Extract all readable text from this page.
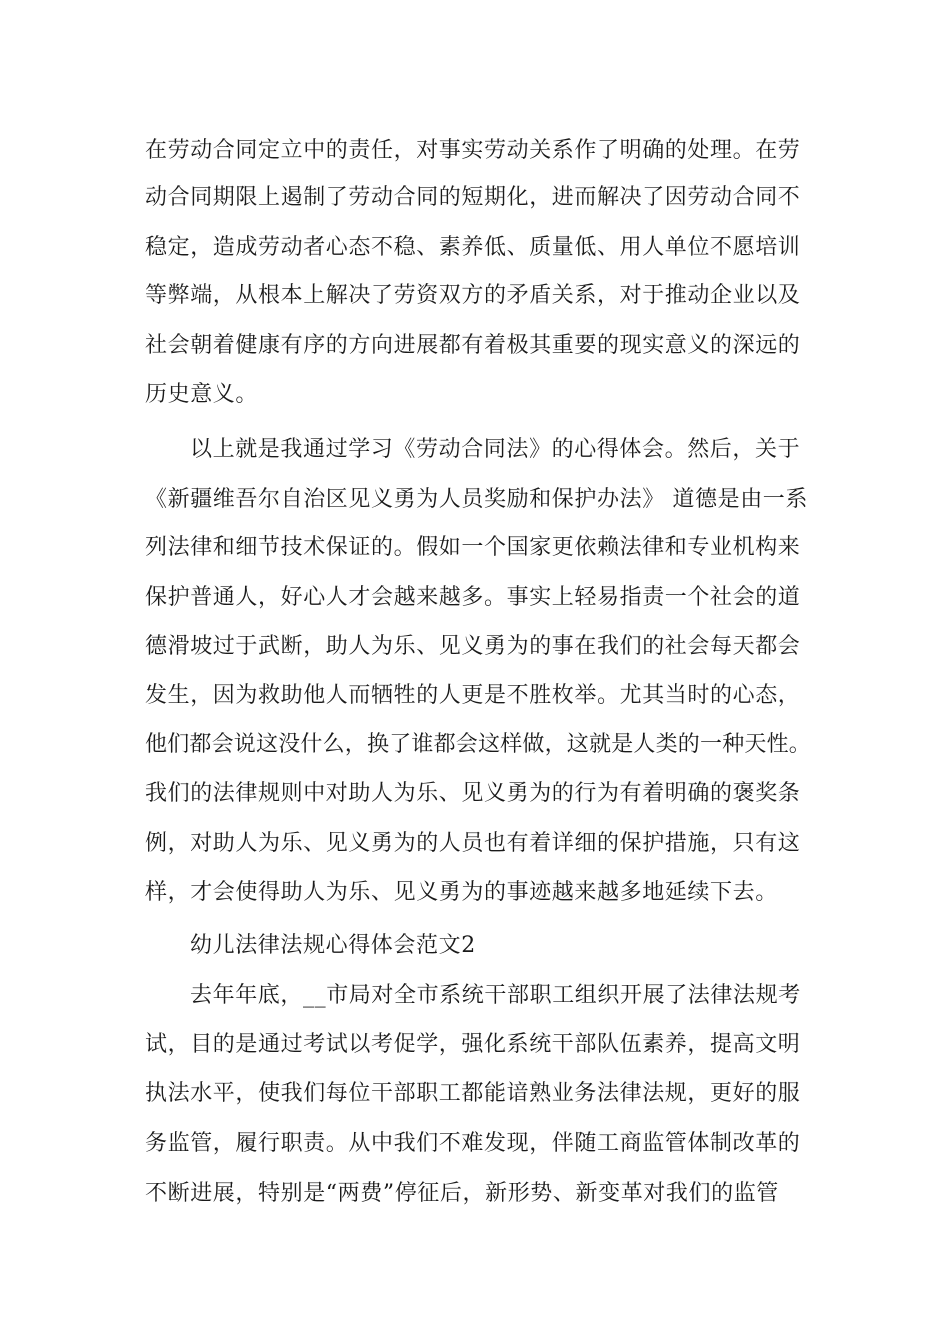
在劳动合同定立中的责任，对事实劳动关系作了明确的处理。在劳
动合同期限上遏制了劳动合同的短期化，进而解决了因劳动合同不
稳定，造成劳动者心态不稳、素养低、质量低、用人单位不愿培训
等弊端，从根本上解决了劳资双方的矛盾关系，对于推动企业以及
社会朝着健康有序的方向进展都有着极其重要的现实意义的深远的
历史意义。
以上就是我通过学习《劳动合同法》的心得体会。然后，关于
《新疆维吾尔自治区见义勇为人员奖励和保护办法》 道德是由一系
列法律和细节技术保证的。假如一个国家更依赖法律和专业机构来
保护普通人，好心人才会越来越多。事实上轻易指责一个社会的道
德滑坡过于武断，助人为乐、见义勇为的事在我们的社会每天都会
发生，因为救助他人而牺牲的人更是不胜枚举。尤其当时的心态，
他们都会说这没什么，换了谁都会这样做，这就是人类的一种天性。
我们的法律规则中对助人为乐、见义勇为的行为有着明确的褒奖条
例，对助人为乐、见义勇为的人员也有着详细的保护措施，只有这
样，才会使得助人为乐、见义勇为的事迹越来越多地延续下去。
幼儿法律法规心得体会范文2
去年年底，__市局对全市系统干部职工组织开展了法律法规考
试，目的是通过考试以考促学，强化系统干部队伍素养，提高文明
执法水平，使我们每位干部职工都能谙熟业务法律法规，更好的服
务监管，履行职责。从中我们不难发现，伴随工商监管体制改革的
不断进展，特别是“两费”停征后，新形势、新变革对我们的监管
